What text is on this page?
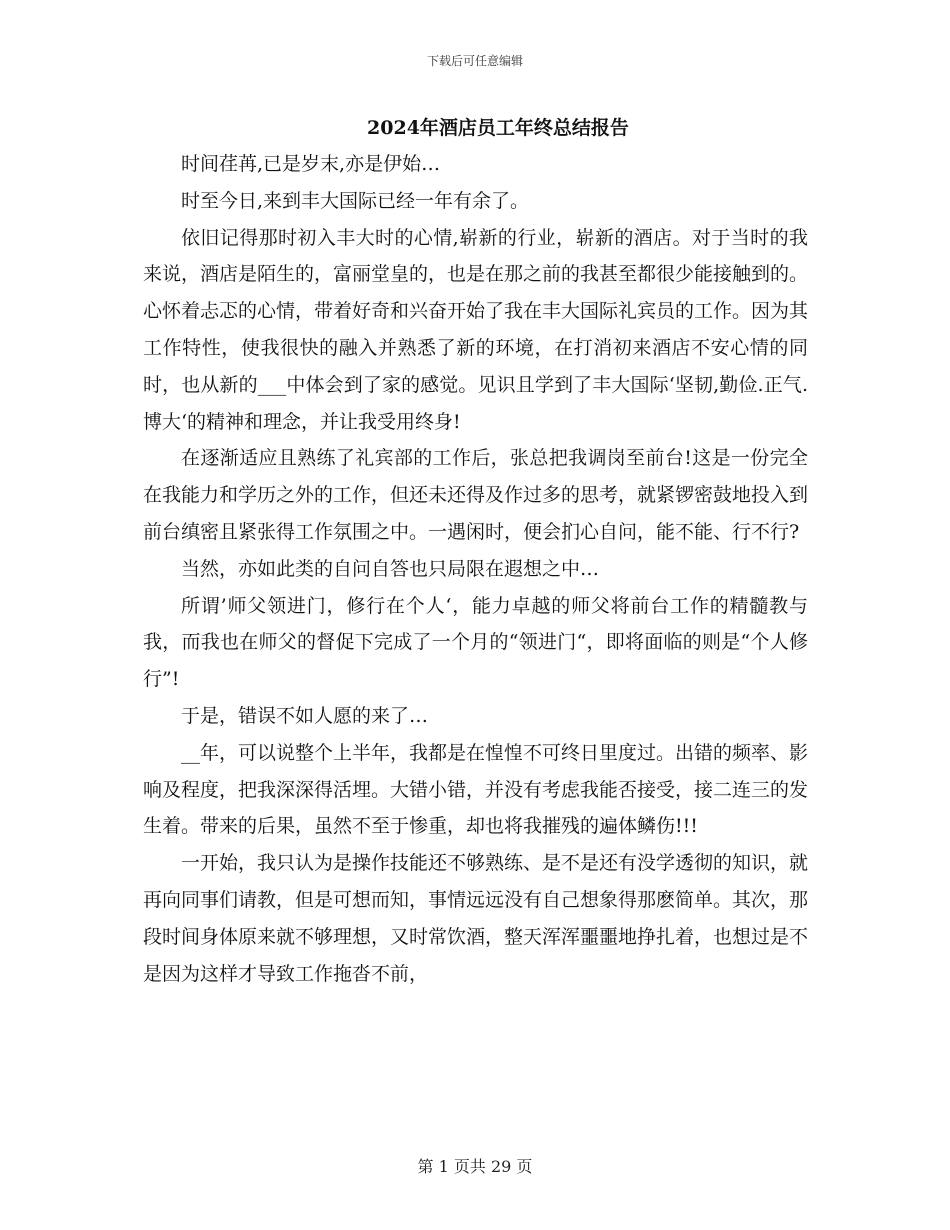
下载后可任意编辑
2024年酒店员工年终总结报告

时间荏苒,已是岁末,亦是伊始…

时至今日,来到丰大国际已经一年有余了。

依旧记得那时初入丰大时的心情,崭新的行业，崭新的酒店。对于当时的我来说，酒店是陌生的，富丽堂皇的，也是在那之前的我甚至都很少能接触到的。心怀着忐忑的心情，带着好奇和兴奋开始了我在丰大国际礼宾员的工作。因为其工作特性，使我很快的融入并熟悉了新的环境，在打消初来酒店不安心情的同时，也从新的___中体会到了家的感觉。见识且学到了丰大国际‘坚韧,勤俭.正气.博大‘的精神和理念，并让我受用终身!

在逐渐适应且熟练了礼宾部的工作后，张总把我调岗至前台!这是一份完全在我能力和学历之外的工作，但还未还得及作过多的思考，就紧锣密鼓地投入到前台缜密且紧张得工作氛围之中。一遇闲时，便会扪心自问，能不能、行不行?

当然，亦如此类的自问自答也只局限在遐想之中…

所谓’师父领进门，修行在个人‘，能力卓越的师父将前台工作的精髓教与我，而我也在师父的督促下完成了一个月的“领进门“，即将面临的则是“个人修行”!

于是，错误不如人愿的来了…

__年，可以说整个上半年，我都是在惶惶不可终日里度过。出错的频率、影响及程度，把我深深得活埋。大错小错，并没有考虑我能否接受，接二连三的发生着。带来的后果，虽然不至于惨重，却也将我摧残的遍体鳞伤!!!

一开始，我只认为是操作技能还不够熟练、是不是还有没学透彻的知识，就再向同事们请教，但是可想而知，事情远远没有自己想象得那麽简单。其次，那段时间身体原来就不够理想，又时常饮酒，整天浑浑噩噩地挣扎着，也想过是不是因为这样才导致工作拖沓不前，

第 1 页共 29 页
